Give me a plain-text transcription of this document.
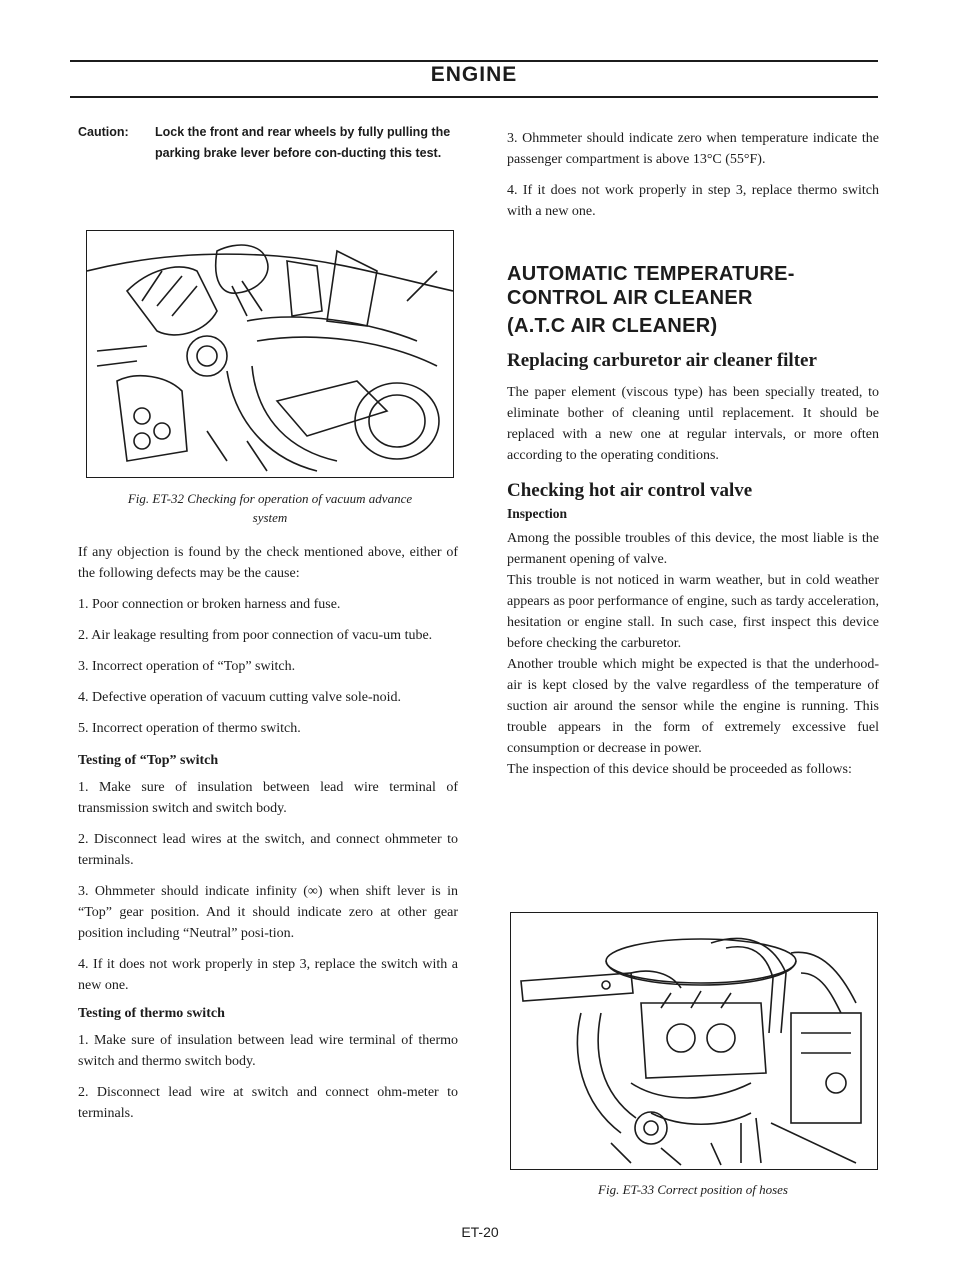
ENGINE
Caution: Lock the front and rear wheels by fully pulling the parking brake lever before con-ducting this test.
Fig. ET-32 Checking for operation of vacuum advance system

If any objection is found by the check mentioned above, either of the following defects may be the cause:

1. Poor connection or broken harness and fuse.

2. Air leakage resulting from poor connection of vacu-um tube.

3. Incorrect operation of “Top” switch.

4. Defective operation of vacuum cutting valve sole-noid.

5. Incorrect operation of thermo switch.

Testing of “Top” switch

1. Make sure of insulation between lead wire terminal of transmission switch and switch body.

2. Disconnect lead wires at the switch, and connect ohmmeter to terminals.

3. Ohmmeter should indicate infinity (∞) when shift lever is in “Top” gear position. And it should indicate zero at other gear position including “Neutral” posi-tion.

4. If it does not work properly in step 3, replace the switch with a new one.

Testing of thermo switch

1. Make sure of insulation between lead wire terminal of thermo switch and thermo switch body.

2. Disconnect lead wire at switch and connect ohm-meter to terminals.

3. Ohmmeter should indicate zero when temperature indicate the passenger compartment is above 13°C (55°F).

4. If it does not work properly in step 3, replace thermo switch with a new one.

AUTOMATIC TEMPERATURE-
CONTROL AIR CLEANER
(A.T.C AIR CLEANER)
Replacing carburetor air cleaner filter

The paper element (viscous type) has been specially treated, to eliminate bother of cleaning until replacement. It should be replaced with a new one at regular intervals, or more often according to the operating conditions.

Checking hot air control valve
Inspection

Among the possible troubles of this device, the most liable is the permanent opening of valve.

This trouble is not noticed in warm weather, but in cold weather appears as poor performance of engine, such as tardy acceleration, hesitation or engine stall. In such case, first inspect this device before checking the carburetor.

Another trouble which might be expected is that the underhood-air is kept closed by the valve regardless of the temperature of suction air around the sensor while the engine is running. This trouble appears in the form of extremely excessive fuel consumption or decrease in power.

The inspection of this device should be proceeded as follows:

Fig. ET-33 Correct position of hoses
ET-20
